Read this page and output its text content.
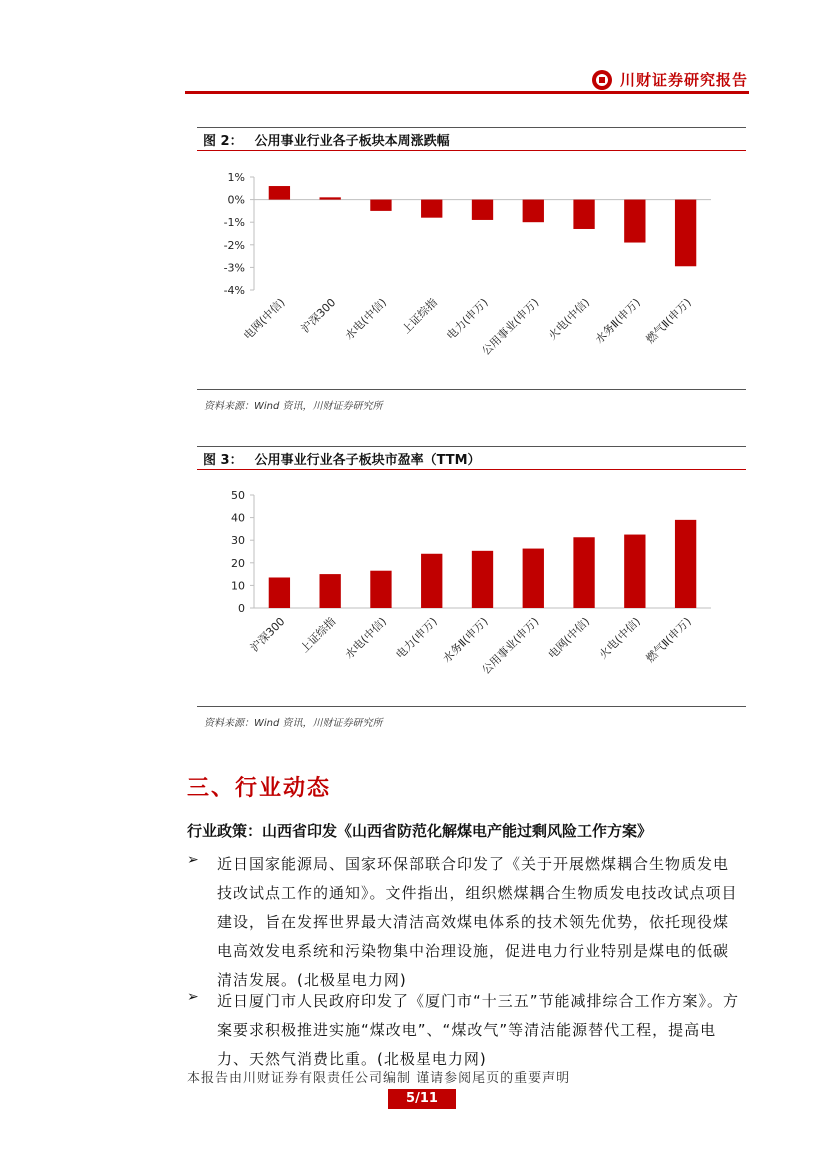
川财证券研究报告
图 2： 公用事业行业各子板块本周涨跌幅
1%
0%
-1%
-2%
-3%
-4%
电网(中信) 沪深300 水电(中信) 上证综指 电力(申万)
公用事业(申万) 火电(中信) 水务Ⅱ(申万) 燃气Ⅱ(申万)
资料来源：Wind 资讯，川财证券研究所
图 3： 公用事业行业各子板块市盈率（TTM）
0
10
20
30
40
50
沪深300 上证综指 水电(中信) 电力(申万) 水务Ⅱ(申万)
公用事业(申万) 电网(中信) 火电(中信) 燃气Ⅱ(申万)
资料来源：Wind 资讯，川财证券研究所
三、行业动态
行业政策：山西省印发《山西省防范化解煤电产能过剩风险工作方案》
➢	近日国家能源局、国家环保部联合印发了《关于开展燃煤耦合生物质发电技改试点工作的通知》。文件指出，组织燃煤耦合生物质发电技改试点项目建设，旨在发挥世界最大清洁高效煤电体系的技术领先优势，依托现役煤电高效发电系统和污染物集中治理设施，促进电力行业特别是煤电的低碳清洁发展。(北极星电力网)
➢	近日厦门市人民政府印发了《厦门市“十三五”节能减排综合工作方案》。方案要求积极推进实施“煤改电”、“煤改气”等清洁能源替代工程，提高电力、天然气消费比重。(北极星电力网)
本报告由川财证券有限责任公司编制 谨请参阅尾页的重要声明
5/11
